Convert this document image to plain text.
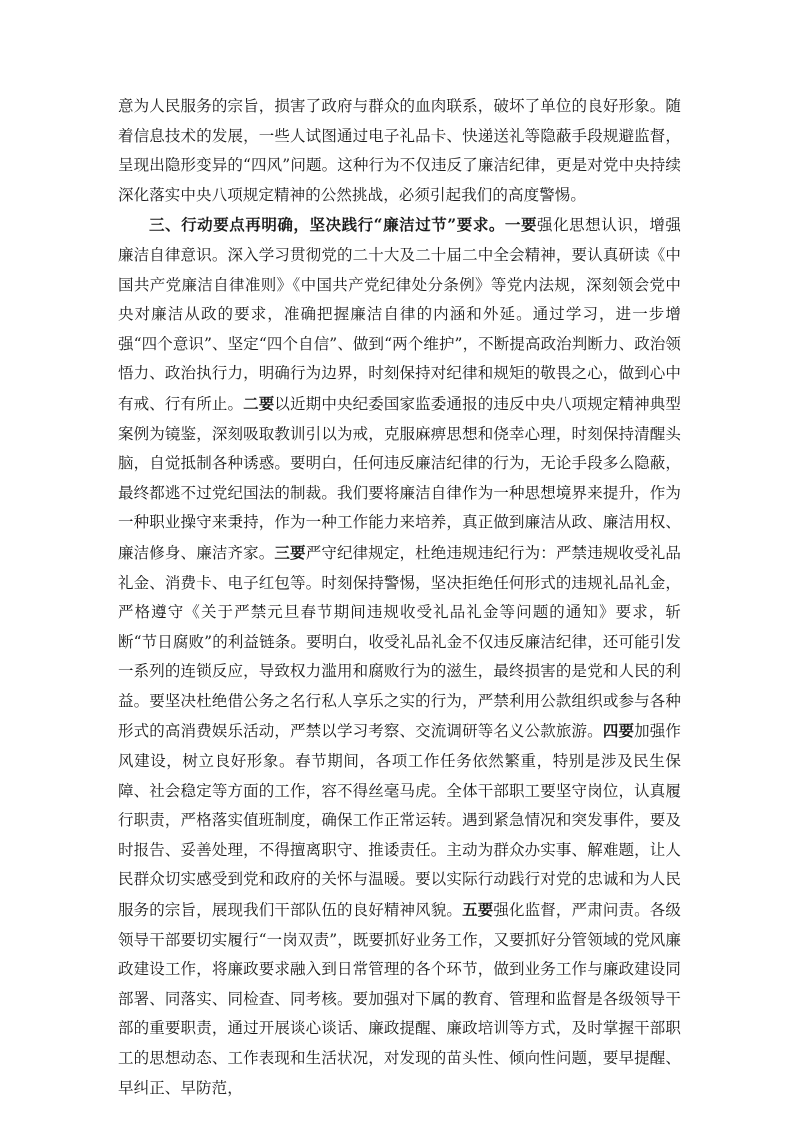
意为人民服务的宗旨，损害了政府与群众的血肉联系，破坏了单位的良好形象。随着信息技术的发展，一些人试图通过电子礼品卡、快递送礼等隐蔽手段规避监督，呈现出隐形变异的“四风”问题。这种行为不仅违反了廉洁纪律，更是对党中央持续深化落实中央八项规定精神的公然挑战，必须引起我们的高度警惕。

三、行动要点再明确，坚决践行“廉洁过节”要求。一要强化思想认识，增强廉洁自律意识。深入学习贯彻党的二十大及二十届二中全会精神，要认真研读《中国共产党廉洁自律准则》《中国共产党纪律处分条例》等党内法规，深刻领会党中央对廉洁从政的要求，准确把握廉洁自律的内涵和外延。通过学习，进一步增强“四个意识”、坚定“四个自信”、做到“两个维护”，不断提高政治判断力、政治领悟力、政治执行力，明确行为边界，时刻保持对纪律和规矩的敬畏之心，做到心中有戒、行有所止。二要以近期中央纪委国家监委通报的违反中央八项规定精神典型案例为镜鉴，深刻吸取教训引以为戒，克服麻痹思想和侥幸心理，时刻保持清醒头脑，自觉抵制各种诱惑。要明白，任何违反廉洁纪律的行为，无论手段多么隐蔽，最终都逃不过党纪国法的制裁。我们要将廉洁自律作为一种思想境界来提升，作为一种职业操守来秉持，作为一种工作能力来培养，真正做到廉洁从政、廉洁用权、廉洁修身、廉洁齐家。三要严守纪律规定，杜绝违规违纪行为：严禁违规收受礼品礼金、消费卡、电子红包等。时刻保持警惕，坚决拒绝任何形式的违规礼品礼金，严格遵守《关于严禁元旦春节期间违规收受礼品礼金等问题的通知》要求，斩断“节日腐败”的利益链条。要明白，收受礼品礼金不仅违反廉洁纪律，还可能引发一系列的连锁反应，导致权力滥用和腐败行为的滋生，最终损害的是党和人民的利益。要坚决杜绝借公务之名行私人享乐之实的行为，严禁利用公款组织或参与各种形式的高消费娱乐活动，严禁以学习考察、交流调研等名义公款旅游。四要加强作风建设，树立良好形象。春节期间，各项工作任务依然繁重，特别是涉及民生保障、社会稳定等方面的工作，容不得丝毫马虎。全体干部职工要坚守岗位，认真履行职责，严格落实值班制度，确保工作正常运转。遇到紧急情况和突发事件，要及时报告、妥善处理，不得擅离职守、推诿责任。主动为群众办实事、解难题，让人民群众切实感受到党和政府的关怀与温暖。要以实际行动践行对党的忠诚和为人民服务的宗旨，展现我们干部队伍的良好精神风貌。五要强化监督，严肃问责。各级领导干部要切实履行“一岗双责”，既要抓好业务工作，又要抓好分管领域的党风廉政建设工作，将廉政要求融入到日常管理的各个环节，做到业务工作与廉政建设同部署、同落实、同检查、同考核。要加强对下属的教育、管理和监督是各级领导干部的重要职责，通过开展谈心谈话、廉政提醒、廉政培训等方式，及时掌握干部职工的思想动态、工作表现和生活状况，对发现的苗头性、倾向性问题，要早提醒、早纠正、早防范，
